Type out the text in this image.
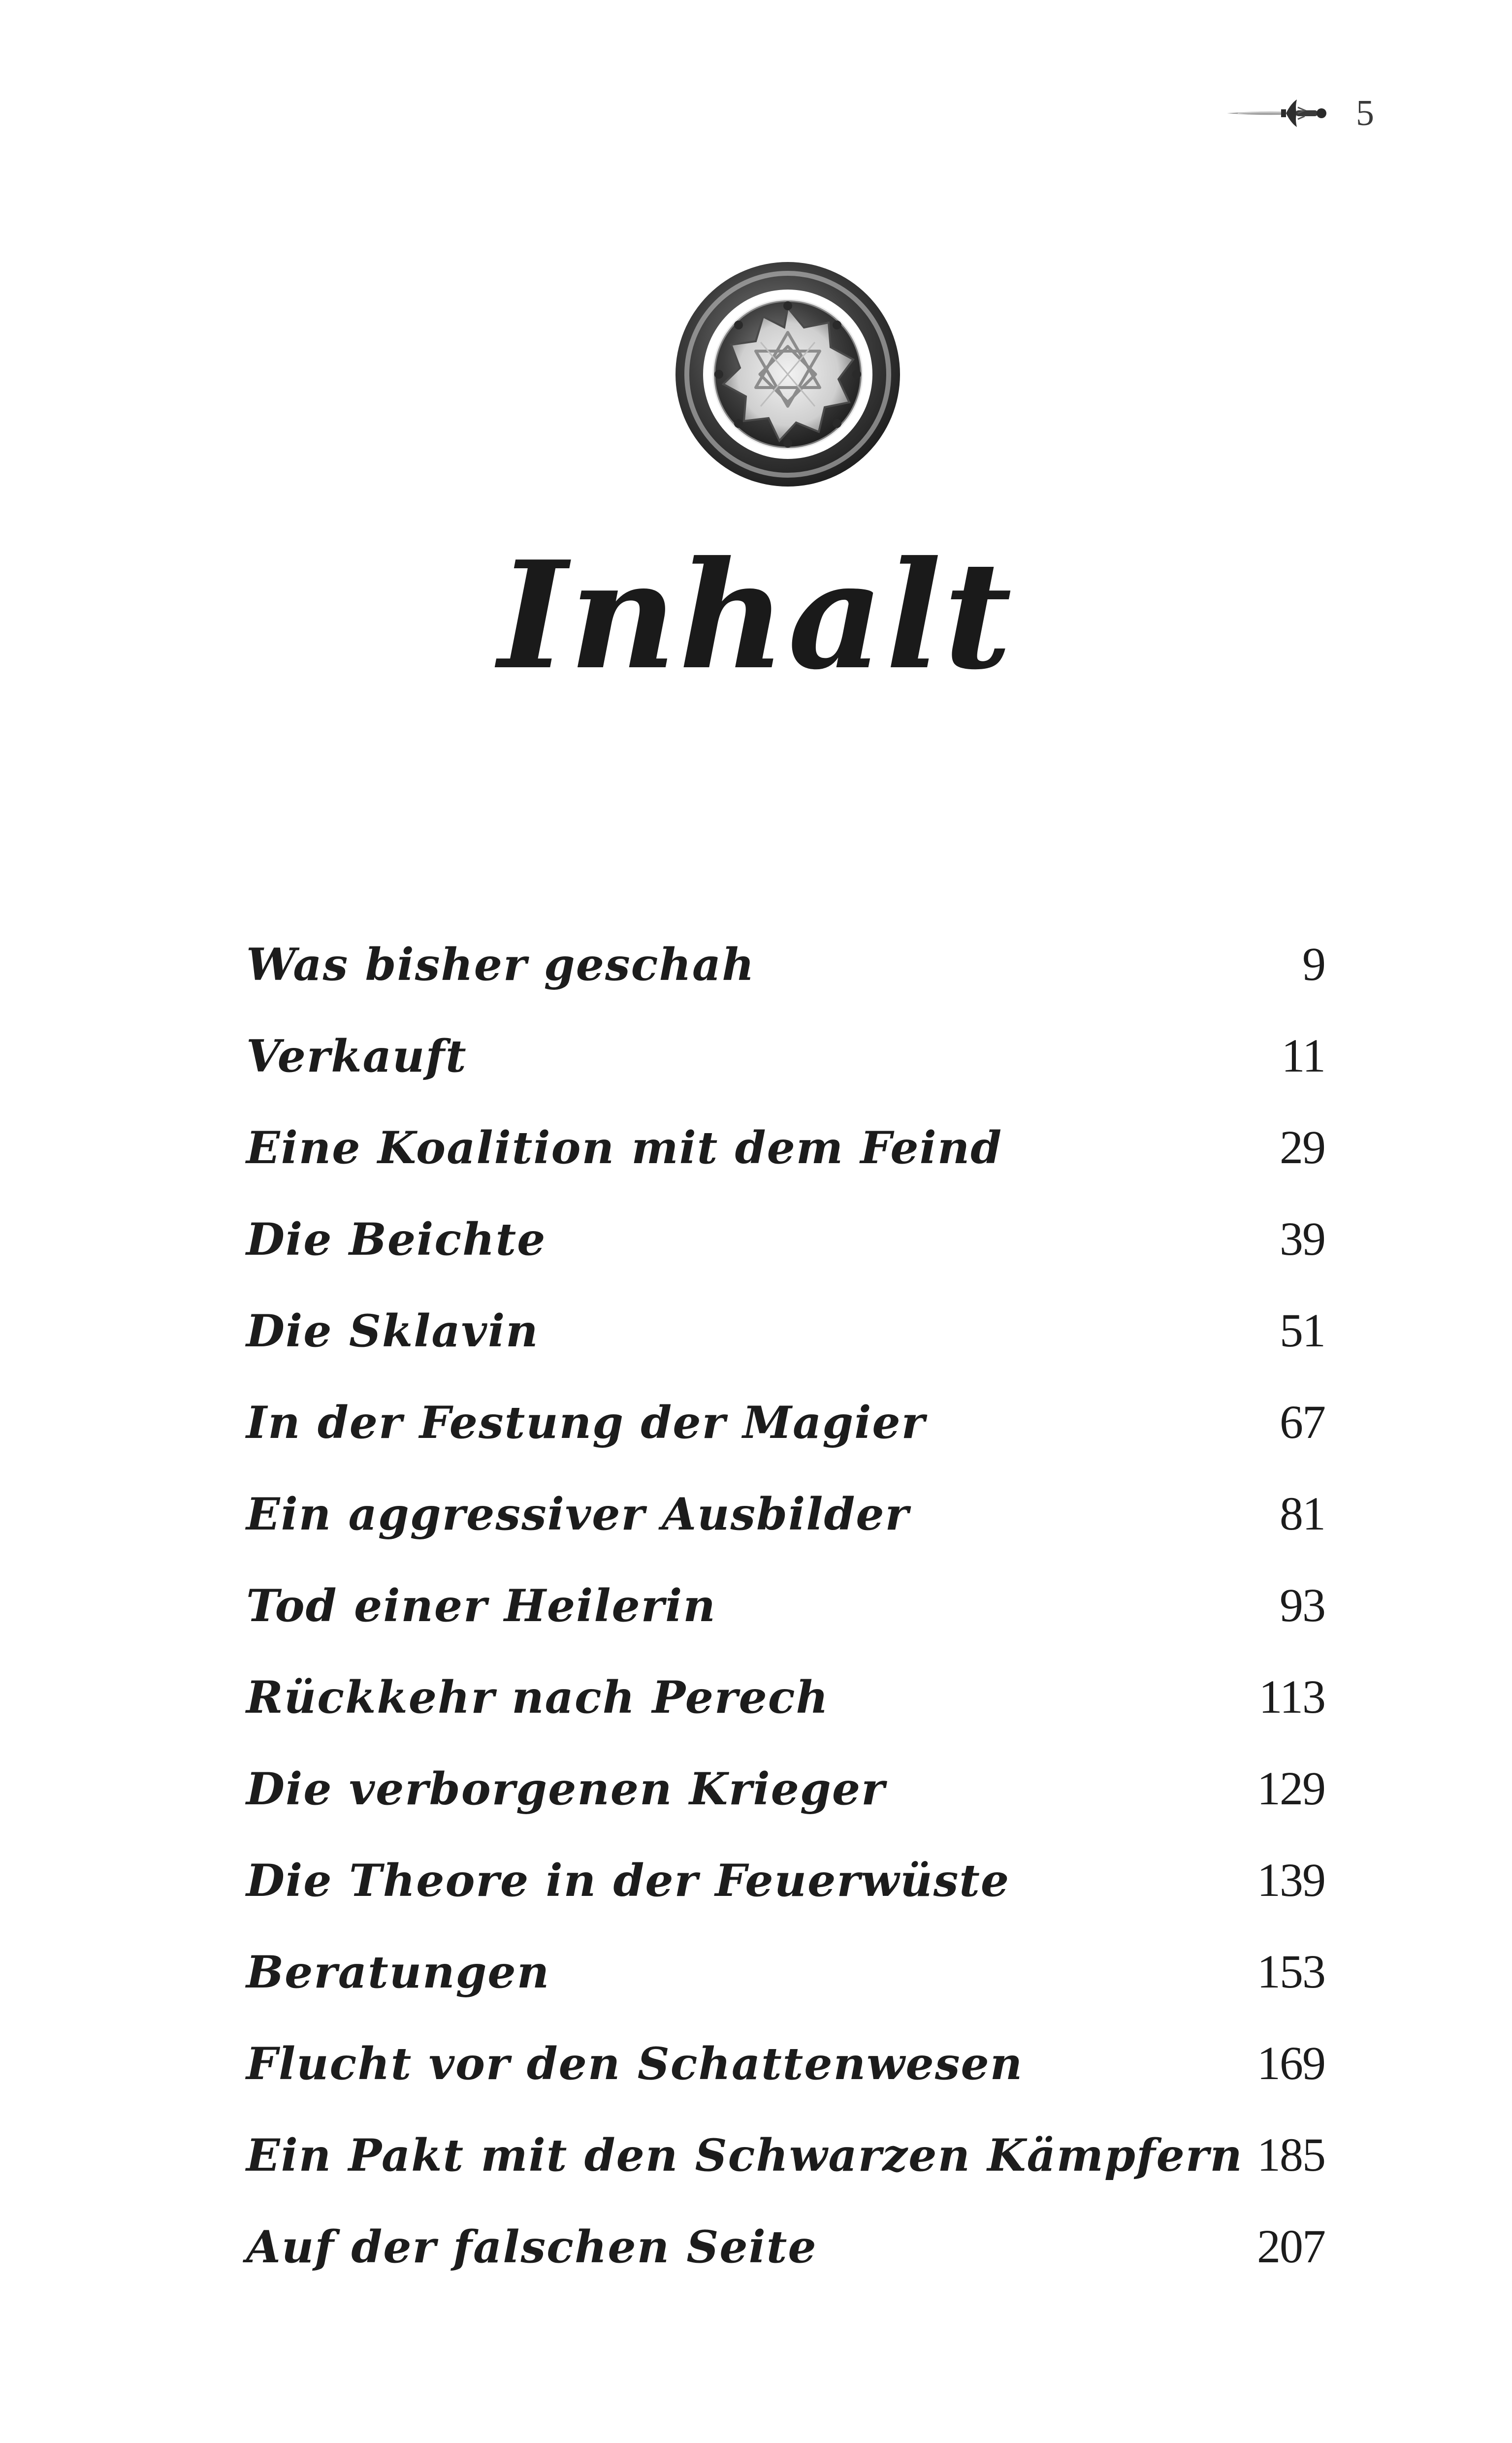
5
Inhalt
Was bisher geschah	9
Verkauft	11
Eine Koalition mit dem Feind	29
Die Beichte	39
Die Sklavin	51
In der Festung der Magier	67
Ein aggressiver Ausbilder	81
Tod einer Heilerin	93
Rückkehr nach Perech	113
Die verborgenen Krieger	129
Die Theore in der Feuerwüste	139
Beratungen	153
Flucht vor den Schattenwesen	169
Ein Pakt mit den Schwarzen Kämpfern 185
Auf der falschen Seite	207
